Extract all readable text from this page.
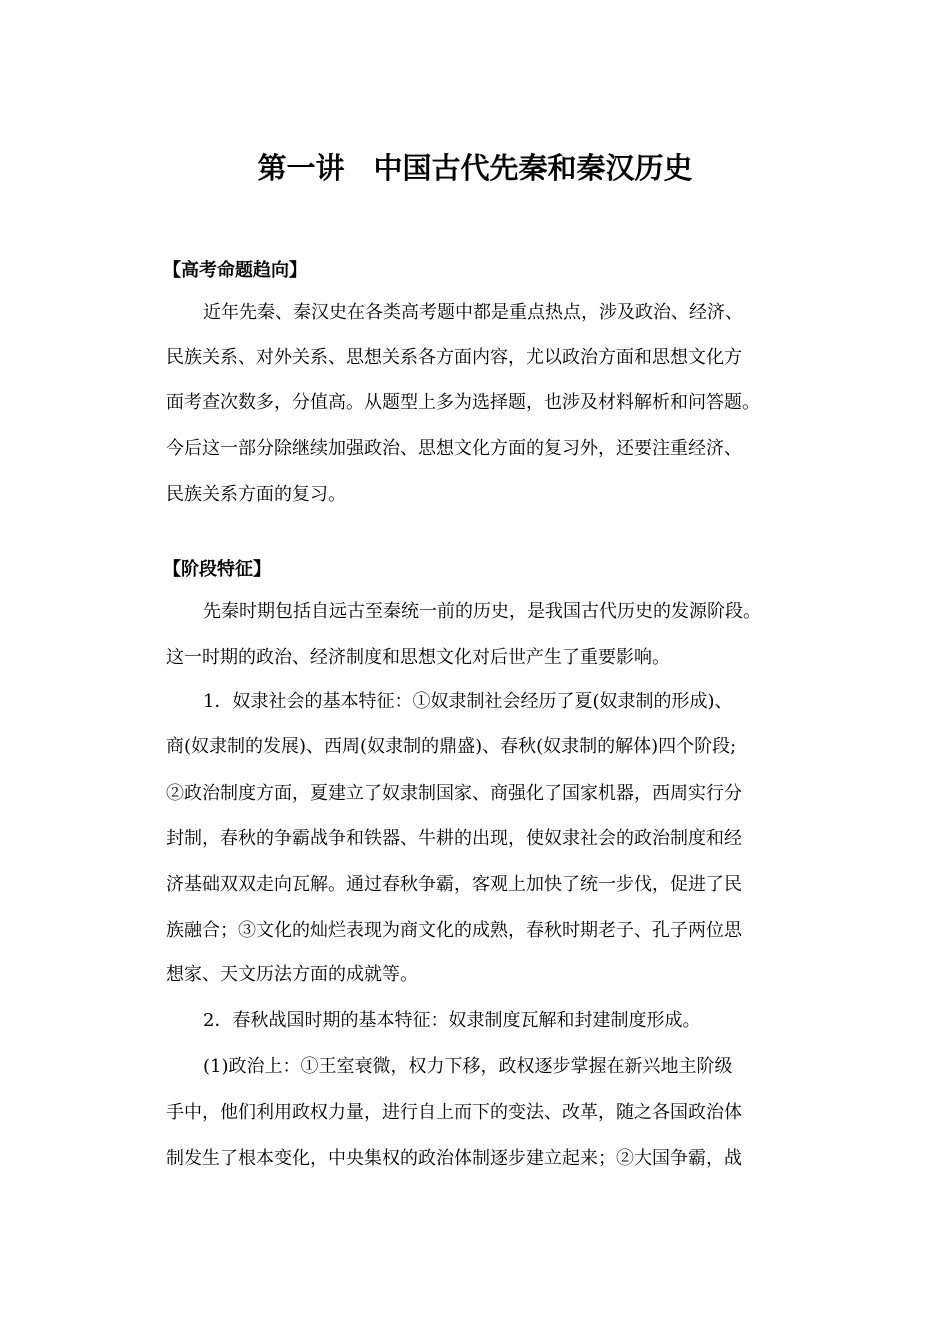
第一讲　中国古代先秦和秦汉历史
【高考命题趋向】
近年先秦、秦汉史在各类高考题中都是重点热点，涉及政治、经济、
民族关系、对外关系、思想关系各方面内容，尤以政治方面和思想文化方
面考查次数多，分值高。从题型上多为选择题，也涉及材料解析和问答题。
今后这一部分除继续加强政治、思想文化方面的复习外，还要注重经济、
民族关系方面的复习。
【阶段特征】
先秦时期包括自远古至秦统一前的历史，是我国古代历史的发源阶段。
这一时期的政治、经济制度和思想文化对后世产生了重要影响。
1．奴隶社会的基本特征：①奴隶制社会经历了夏(奴隶制的形成)、
商(奴隶制的发展)、西周(奴隶制的鼎盛)、春秋(奴隶制的解体)四个阶段;
②政治制度方面，夏建立了奴隶制国家、商强化了国家机器，西周实行分
封制，春秋的争霸战争和铁器、牛耕的出现，使奴隶社会的政治制度和经
济基础双双走向瓦解。通过春秋争霸，客观上加快了统一步伐，促进了民
族融合；③文化的灿烂表现为商文化的成熟，春秋时期老子、孔子两位思
想家、天文历法方面的成就等。
2．春秋战国时期的基本特征：奴隶制度瓦解和封建制度形成。
(1)政治上：①王室衰微，权力下移，政权逐步掌握在新兴地主阶级
手中，他们利用政权力量，进行自上而下的变法、改革，随之各国政治体
制发生了根本变化，中央集权的政治体制逐步建立起来；②大国争霸，战
